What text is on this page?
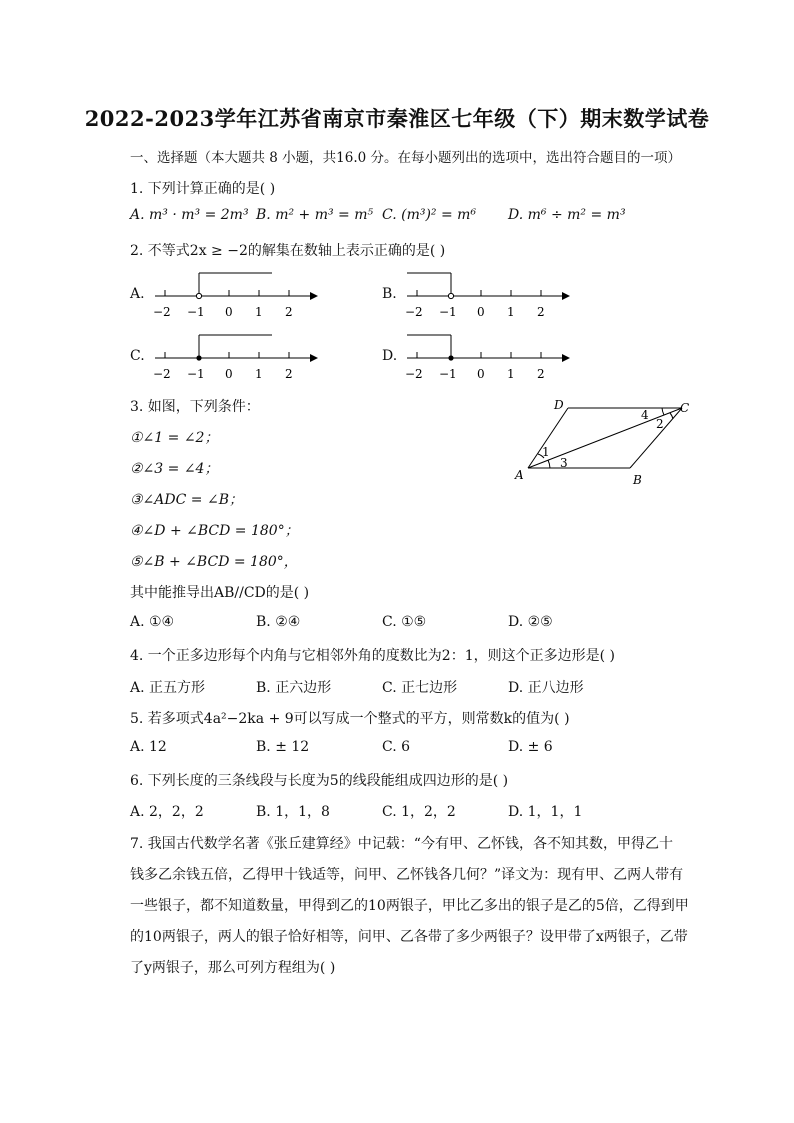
2022-2023学年江苏省南京市秦淮区七年级（下）期末数学试卷
一、选择题（本大题共 8 小题，共16.0 分。在每小题列出的选项中，选出符合题目的一项）
1. 下列计算正确的是( )
A. m³ · m³ = 2m³ B. m² + m³ = m⁵ C. (m³)² = m⁶ D. m⁶ ÷ m² = m³
2. 不等式2x ≥ −2的解集在数轴上表示正确的是( )
A.	B.
C.	D.
−2 −1 0 1 2	−2 −1 0 1 2
−2 −1 0 1 2	−2 −1 0 1 2
3. 如图，下列条件：
①∠1 = ∠2；
②∠3 = ∠4；
③∠ADC = ∠B；
④∠D + ∠BCD = 180°；
⑤∠B + ∠BCD = 180°，
其中能推导出AB//CD的是( )
A. ①④	B. ②④	C. ①⑤	D. ②⑤
D	C
A	B
1
2
3
4
4. 一个正多边形每个内角与它相邻外角的度数比为2：1，则这个正多边形是( )
A. 正五方形	B. 正六边形	C. 正七边形	D. 正八边形
5. 若多项式4a²−2ka + 9可以写成一个整式的平方，则常数k的值为( )
A. 12	B. ± 12	C. 6	D. ± 6
6. 下列长度的三条线段与长度为5的线段能组成四边形的是( )
A. 2，2，2	B. 1，1，8	C. 1，2，2	D. 1，1，1
7. 我国古代数学名著《张丘建算经》中记载：“今有甲、乙怀钱，各不知其数，甲得乙十
钱多乙余钱五倍，乙得甲十钱适等，问甲、乙怀钱各几何？”译文为：现有甲、乙两人带有
一些银子，都不知道数量，甲得到乙的10两银子，甲比乙多出的银子是乙的5倍，乙得到甲
的10两银子，两人的银子恰好相等，问甲、乙各带了多少两银子？设甲带了x两银子，乙带
了y两银子，那么可列方程组为( )
